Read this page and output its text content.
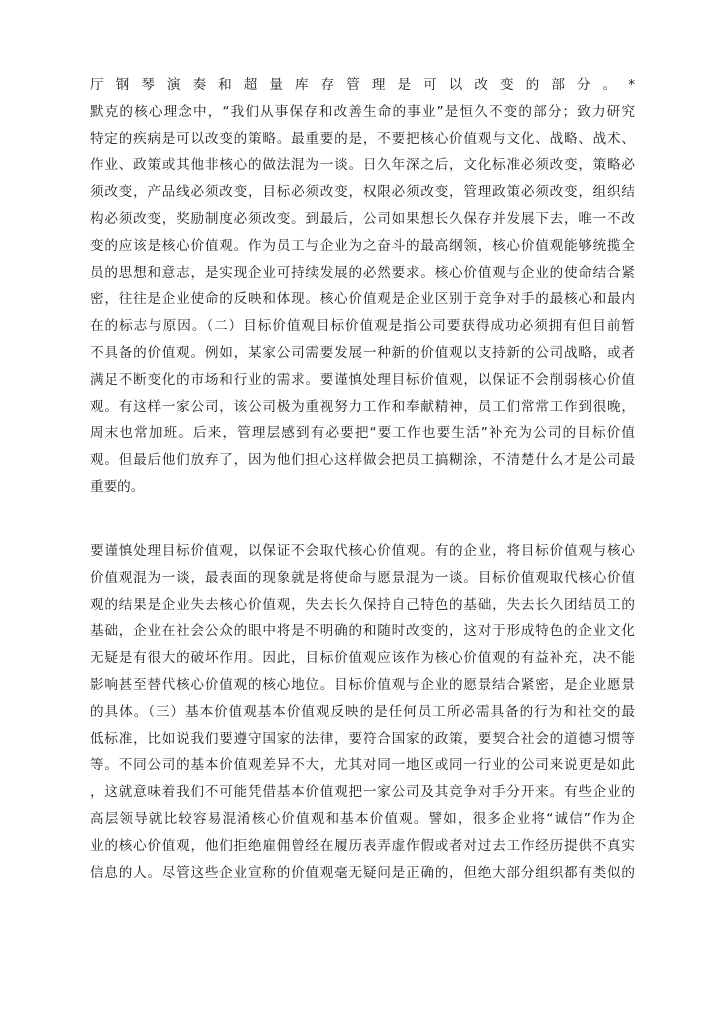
厅钢琴演奏和超量库存管理是可以改变的部分。*
默克的核心理念中，“我们从事保存和改善生命的事业”是恒久不变的部分；致力研究
特定的疾病是可以改变的策略。最重要的是，不要把核心价值观与文化、战略、战术、
作业、政策或其他非核心的做法混为一谈。日久年深之后，文化标准必须改变，策略必
须改变，产品线必须改变，目标必须改变，权限必须改变，管理政策必须改变，组织结
构必须改变，奖励制度必须改变。到最后，公司如果想长久保存并发展下去，唯一不改
变的应该是核心价值观。作为员工与企业为之奋斗的最高纲领，核心价值观能够统揽全
员的思想和意志，是实现企业可持续发展的必然要求。核心价值观与企业的使命结合紧
密，往往是企业使命的反映和体现。核心价值观是企业区别于竞争对手的最核心和最内
在的标志与原因。（二）目标价值观目标价值观是指公司要获得成功必须拥有但目前暂
不具备的价值观。例如，某家公司需要发展一种新的价值观以支持新的公司战略，或者
满足不断变化的市场和行业的需求。要谨慎处理目标价值观，以保证不会削弱核心价值
观。有这样一家公司，该公司极为重视努力工作和奉献精神，员工们常常工作到很晚，
周末也常加班。后来，管理层感到有必要把“要工作也要生活”补充为公司的目标价值
观。但最后他们放弃了，因为他们担心这样做会把员工搞糊涂，不清楚什么才是公司最
重要的。
要谨慎处理目标价值观，以保证不会取代核心价值观。有的企业，将目标价值观与核心
价值观混为一谈，最表面的现象就是将使命与愿景混为一谈。目标价值观取代核心价值
观的结果是企业失去核心价值观，失去长久保持自己特色的基础，失去长久团结员工的
基础，企业在社会公众的眼中将是不明确的和随时改变的，这对于形成特色的企业文化
无疑是有很大的破坏作用。因此，目标价值观应该作为核心价值观的有益补充，决不能
影响甚至替代核心价值观的核心地位。目标价值观与企业的愿景结合紧密，是企业愿景
的具体。（三）基本价值观基本价值观反映的是任何员工所必需具备的行为和社交的最
低标准，比如说我们要遵守国家的法律，要符合国家的政策，要契合社会的道德习惯等
等。不同公司的基本价值观差异不大，尤其对同一地区或同一行业的公司来说更是如此
，这就意味着我们不可能凭借基本价值观把一家公司及其竞争对手分开来。有些企业的
高层领导就比较容易混淆核心价值观和基本价值观。譬如，很多企业将“诚信”作为企
业的核心价值观，他们拒绝雇佣曾经在履历表弄虚作假或者对过去工作经历提供不真实
信息的人。尽管这些企业宣称的价值观毫无疑问是正确的，但绝大部分组织都有类似的
